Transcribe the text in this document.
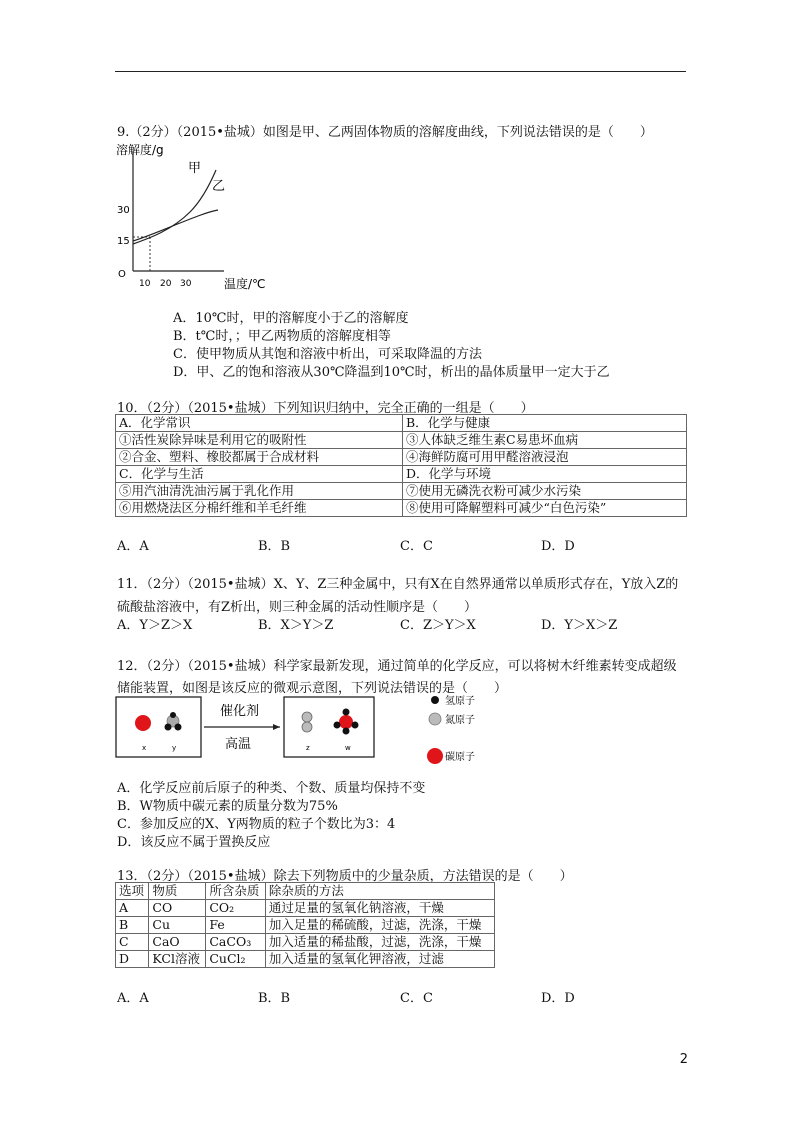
9.（2分）（2015•盐城）如图是甲、乙两固体物质的溶解度曲线，下列说法错误的是（　　）
溶解度/g
温度/℃
O
30
15
10 20 30
甲
乙
A．10℃时，甲的溶解度小于乙的溶解度
B．t℃时，；甲乙两物质的溶解度相等
C．使甲物质从其饱和溶液中析出，可采取降温的方法
D．甲、乙的饱和溶液从30℃降温到10℃时，析出的晶体质量甲一定大于乙
10．（2分）（2015•盐城）下列知识归纳中，完全正确的一组是（　　）
A．化学常识	B．化学与健康
①活性炭除异味是利用它的吸附性	③人体缺乏维生素C易患坏血病
②合金、塑料、橡胶都属于合成材料	④海鲜防腐可用甲醛溶液浸泡
C．化学与生活	D．化学与环境
⑤用汽油清洗油污属于乳化作用	⑦使用无磷洗衣粉可减少水污染
⑥用燃烧法区分棉纤维和羊毛纤维	⑧使用可降解塑料可减少“白色污染”
A．A	B．B	C．C	D．D
11．（2分）（2015•盐城）X、Y、Z三种金属中，只有X在自然界通常以单质形式存在，Y放入Z的
硫酸盐溶液中，有Z析出，则三种金属的活动性顺序是（　　）
A．Y＞Z＞X	B．X＞Y＞Z	C．Z＞Y＞X	D．Y＞X＞Z
12．（2分）（2015•盐城）科学家最新发现，通过简单的化学反应，可以将树木纤维素转变成超级
储能装置，如图是该反应的微观示意图，下列说法错误的是（　　）
x	y
催化剂
高温	z	w
氢原子
氮原子
碳原子
A．化学反应前后原子的种类、个数、质量均保持不变
B．W物质中碳元素的质量分数为75%
C．参加反应的X、Y两物质的粒子个数比为3：4
D．该反应不属于置换反应
13．（2分）（2015•盐城）除去下列物质中的少量杂质，方法错误的是（　　）
选项	物质	所含杂质	除杂质的方法
A	CO	CO₂	通过足量的氢氧化钠溶液，干燥
B	Cu	Fe	加入足量的稀硫酸，过滤，洗涤，干燥
C	CaO	CaCO₃	加入适量的稀盐酸，过滤，洗涤，干燥
D	KCl溶液	CuCl₂	加入适量的氢氧化钾溶液，过滤
A．A	B．B	C．C	D．D
2
